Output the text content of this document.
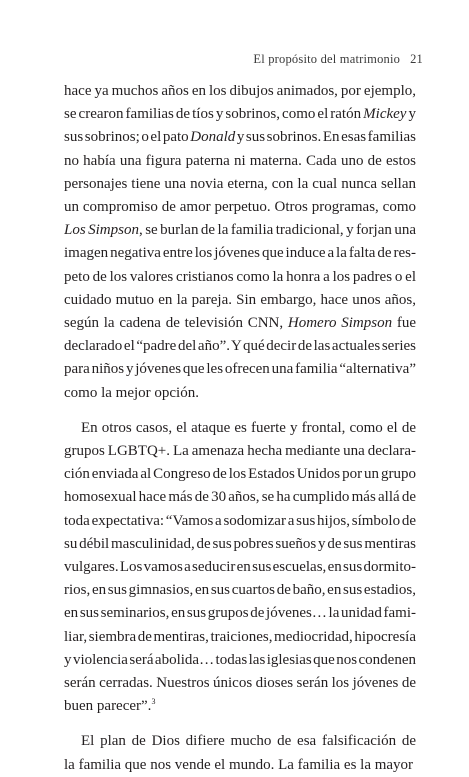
El propósito del matrimonio 21
hace ya muchos años en los dibujos animados, por ejemplo,
se crearon familias de tíos y sobrinos, como el ratón Mickey y
sus sobrinos; o el pato Donald y sus sobrinos. En esas familias
no había una figura paterna ni materna. Cada uno de estos
personajes tiene una novia eterna, con la cual nunca sellan
un compromiso de amor perpetuo. Otros programas, como
Los Simpson, se burlan de la familia tradicional, y forjan una
imagen negativa entre los jóvenes que induce a la falta de res-
peto de los valores cristianos como la honra a los padres o el
cuidado mutuo en la pareja. Sin embargo, hace unos años,
según la cadena de televisión CNN, Homero Simpson fue
declarado el “padre del año”. Y qué decir de las actuales series
para niños y jóvenes que les ofrecen una familia “alternativa”
como la mejor opción.
En otros casos, el ataque es fuerte y frontal, como el de
grupos LGBTQ+. La amenaza hecha mediante una declara-
ción enviada al Congreso de los Estados Unidos por un grupo
homosexual hace más de 30 años, se ha cumplido más allá de
toda expectativa: “Vamos a sodomizar a sus hijos, símbolo de
su débil masculinidad, de sus pobres sueños y de sus mentiras
vulgares. Los vamos a seducir en sus escuelas, en sus dormito-
rios, en sus gimnasios, en sus cuartos de baño, en sus estadios,
en sus seminarios, en sus grupos de jóvenes… la unidad fami-
liar, siembra de mentiras, traiciones, mediocridad, hipocresía
y violencia será abolida… todas las iglesias que nos condenen
serán cerradas. Nuestros únicos dioses serán los jóvenes de
buen parecer”.$^3$
El plan de Dios difiere mucho de esa falsificación de
la familia que nos vende el mundo. La familia es la mayor
